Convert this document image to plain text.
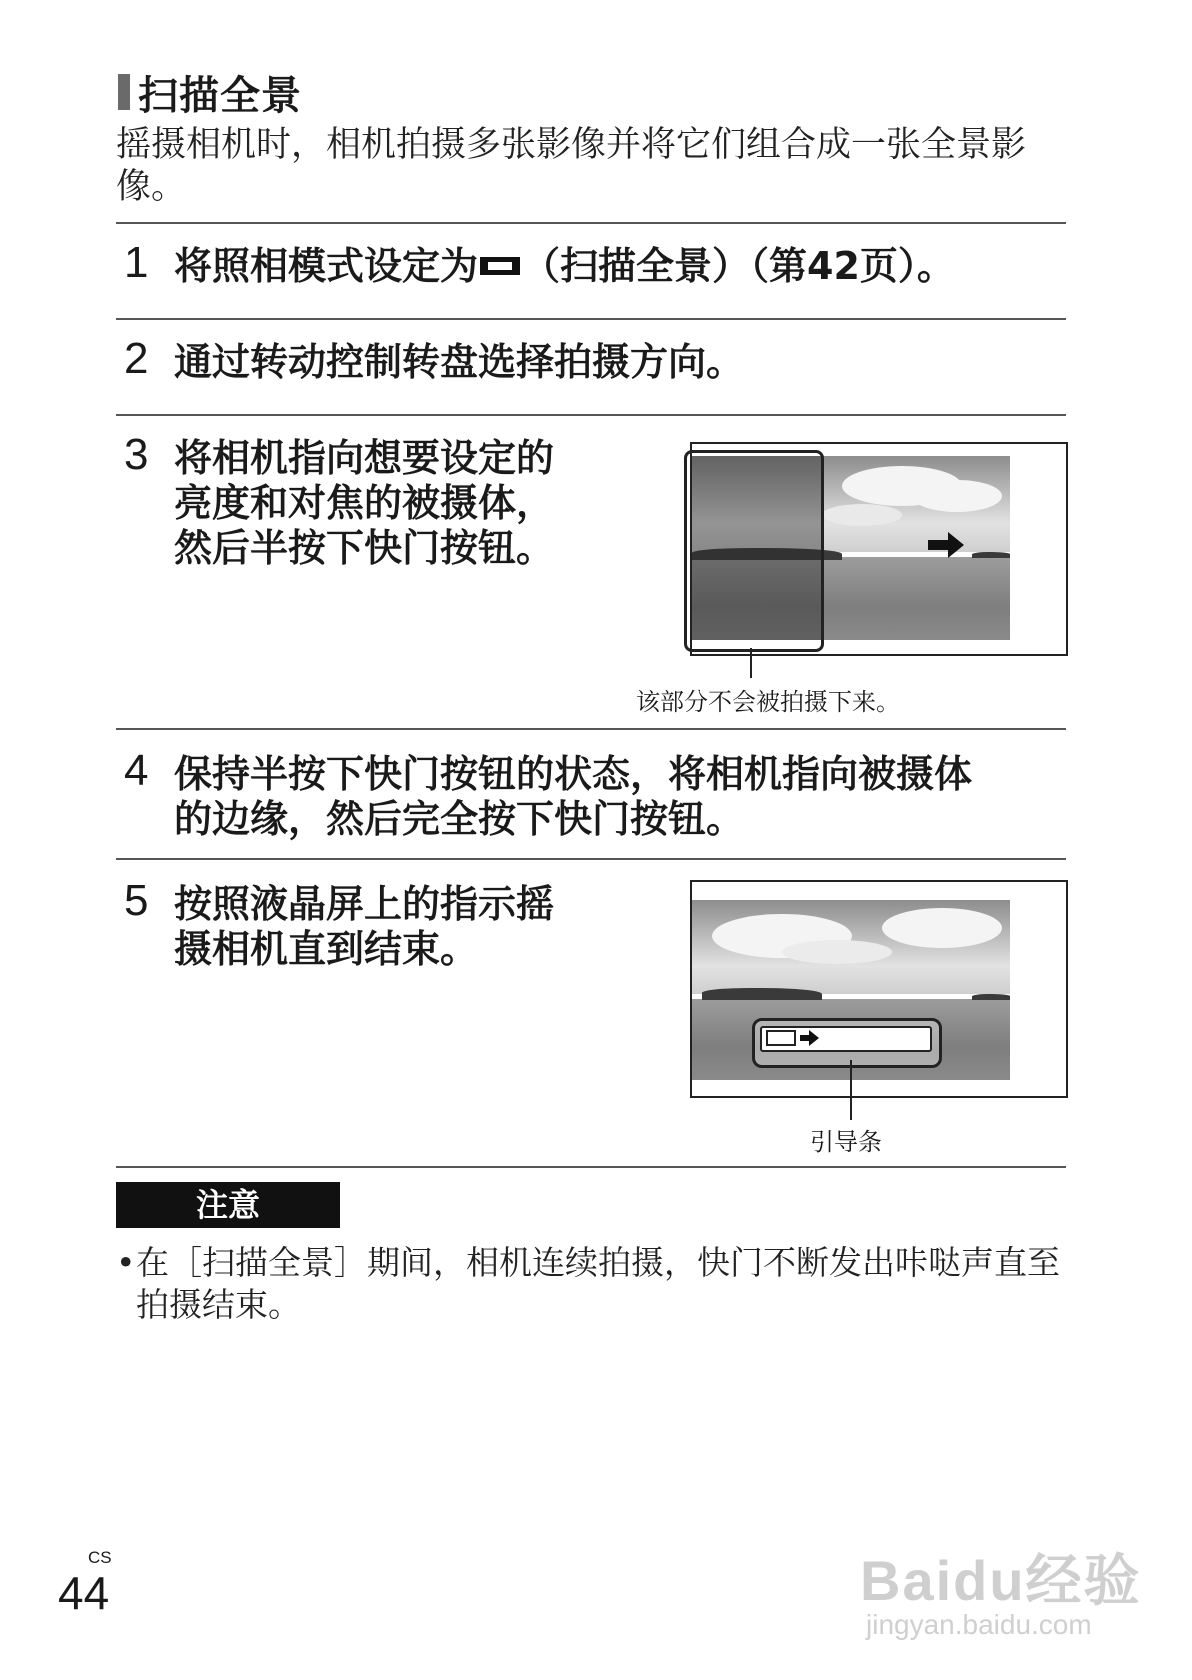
扫描全景
摇摄相机时，相机拍摄多张影像并将它们组合成一张全景影像。
1 将照相模式设定为 （扫描全景）（第42页）。
2 通过转动控制转盘选择拍摄方向。
3 将相机指向想要设定的
亮度和对焦的被摄体，
然后半按下快门按钮。
该部分不会被拍摄下来。
4 保持半按下快门按钮的状态，将相机指向被摄体
的边缘，然后完全按下快门按钮。
5 按照液晶屏上的指示摇
摄相机直到结束。
引导条
注意
• 在［扫描全景］期间，相机连续拍摄，快门不断发出咔哒声直至拍摄结束。
CS
44	Baidu经验
jingyan.baidu.com
